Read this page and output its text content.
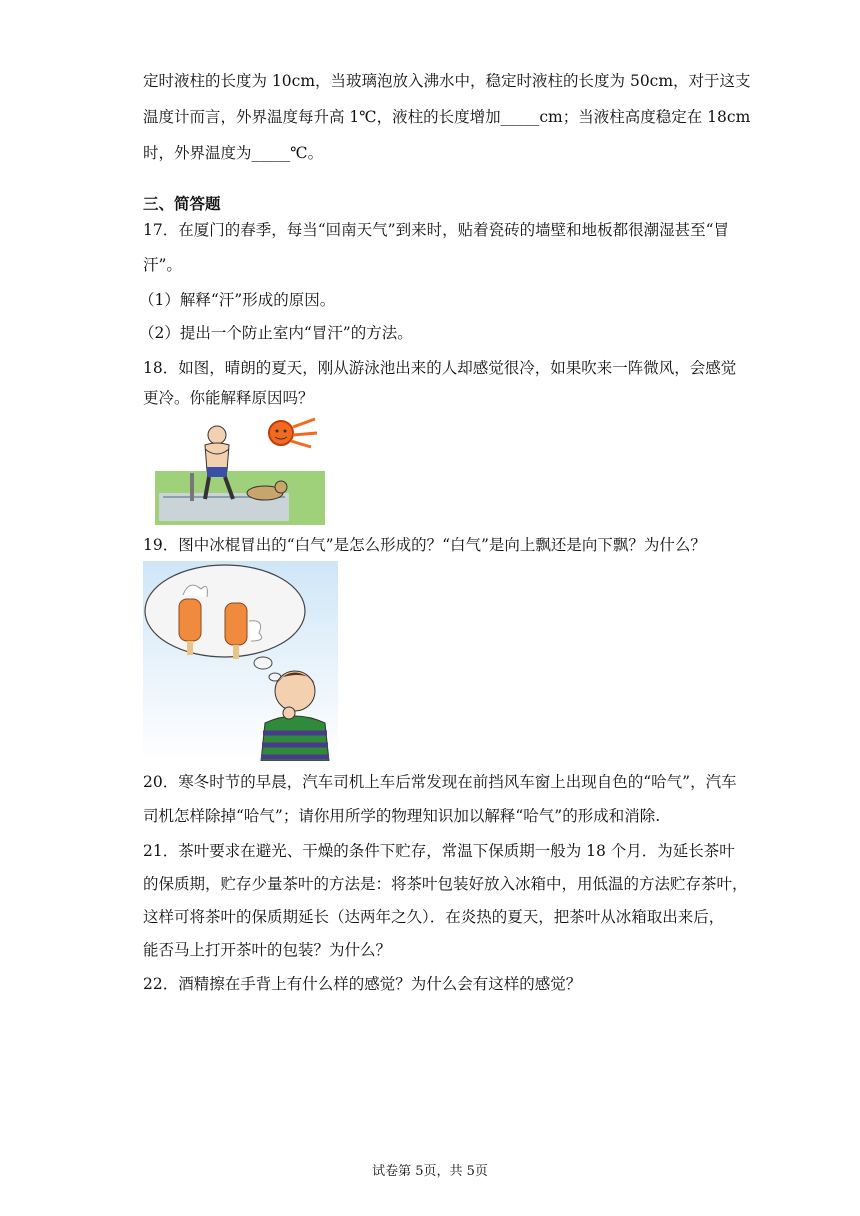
定时液柱的长度为 10cm，当玻璃泡放入沸水中，稳定时液柱的长度为 50cm，对于这支
温度计而言，外界温度每升高 1℃，液柱的长度增加_____cm；当液柱高度稳定在 18cm
时，外界温度为_____℃。
三、简答题
17．在厦门的春季，每当“回南天气”到来时，贴着瓷砖的墙壁和地板都很潮湿甚至“冒
汗”。
（1）解释“汗”形成的原因。
（2）提出一个防止室内“冒汗”的方法。
18．如图，晴朗的夏天，刚从游泳池出来的人却感觉很冷，如果吹来一阵微风，会感觉
更冷。你能解释原因吗？
19．图中冰棍冒出的“白气”是怎么形成的？“白气”是向上飘还是向下飘？为什么？
20．寒冬时节的早晨，汽车司机上车后常发现在前挡风车窗上出现自色的“哈气”，汽车
司机怎样除掉“哈气”；请你用所学的物理知识加以解释“哈气”的形成和消除.
21．茶叶要求在避光、干燥的条件下贮存，常温下保质期一般为 18 个月．为延长茶叶
的保质期，贮存少量茶叶的方法是：将茶叶包装好放入冰箱中，用低温的方法贮存茶叶，
这样可将茶叶的保质期延长（达两年之久）．在炎热的夏天，把茶叶从冰箱取出来后，
能否马上打开茶叶的包装？为什么？
22．酒精擦在手背上有什么样的感觉？为什么会有这样的感觉？
试卷第 5页，共 5页
